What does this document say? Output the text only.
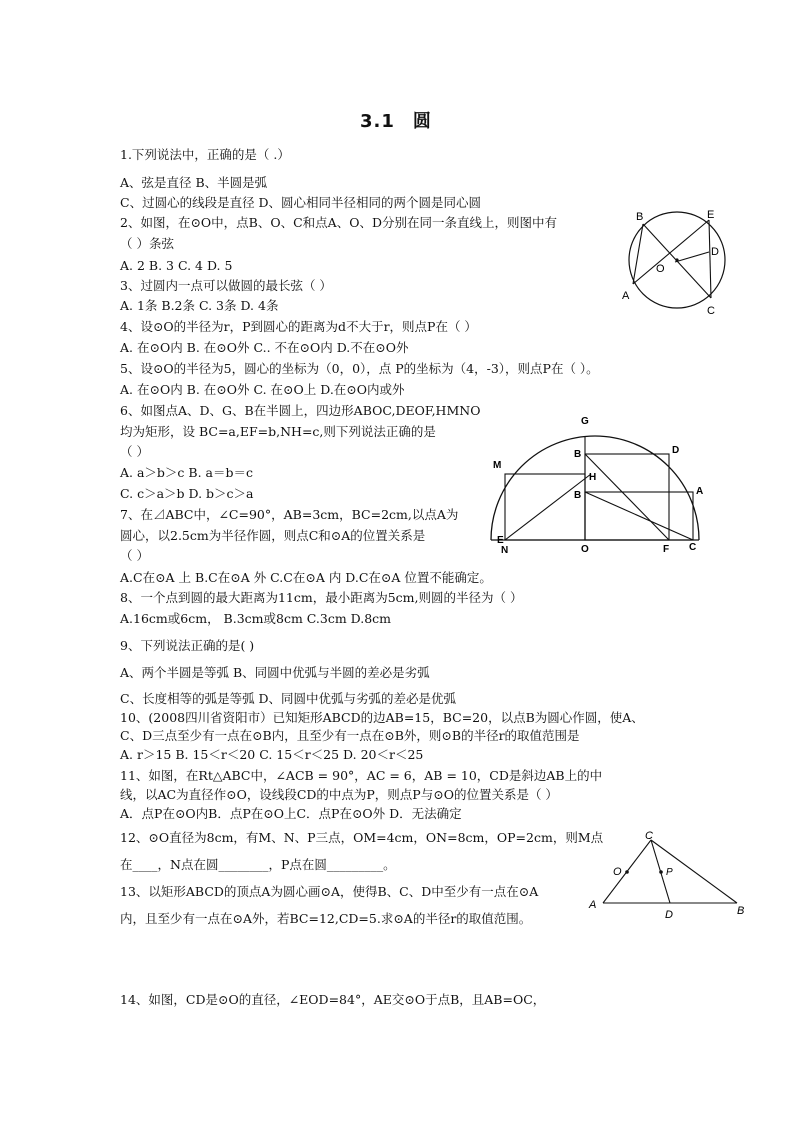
3.1 圆
1.下列说法中，正确的是（ .）
A、弦是直径 B、半圆是弧
C、过圆心的线段是直径 D、圆心相同半径相同的两个圆是同心圆
2、如图，在⊙O中，点B、O、C和点A、O、D分别在同一条直线上，则图中有
（ ）条弦
A. 2 B. 3 C. 4 D. 5
3、过圆内一点可以做圆的最长弦（ ）
A. 1条 B.2条 C. 3条 D. 4条
4、设⊙O的半径为r，P到圆心的距离为d不大于r，则点P在（ ）
A. 在⊙O内 B. 在⊙O外 C.. 不在⊙O内 D.不在⊙O外
5、设⊙O的半径为5，圆心的坐标为（0，0），点 P的坐标为（4，-3），则点P在（ ）。
A. 在⊙O内 B. 在⊙O外 C. 在⊙O上 D.在⊙O内或外
6、如图点A、D、G、B在半圆上，四边形ABOC,DEOF,HMNO
均为矩形，设 BC=a,EF=b,NH=c,则下列说法正确的是
（ ）
A. a＞b＞c B. a＝b＝c
C. c＞a＞b D. b＞c＞a
7、在⊿ABC中，∠C=90°，AB=3cm，BC=2cm,以点A为
圆心，以2.5cm为半径作圆，则点C和⊙A的位置关系是
（ ）
A.C在⊙A 上 B.C在⊙A 外 C.C在⊙A 内 D.C在⊙A 位置不能确定。
8、一个点到圆的最大距离为11cm，最小距离为5cm,则圆的半径为（ ）
A.16cm或6cm， B.3cm或8cm C.3cm D.8cm
9、下列说法正确的是( )
A、两个半圆是等弧 B、同圆中优弧与半圆的差必是劣弧
C、长度相等的弧是等弧 D、同圆中优弧与劣弧的差必是优弧
10、(2008四川省资阳市）已知矩形ABCD的边AB=15，BC=20，以点B为圆心作圆，使A、
C、D三点至少有一点在⊙B内，且至少有一点在⊙B外，则⊙B的半径r的取值范围是
A. r＞15 B. 15＜r＜20 C. 15＜r＜25 D. 20＜r＜25
11、如图，在Rt△ABC中，∠ACB = 90°，AC = 6，AB = 10，CD是斜边AB上的中
线，以AC为直径作⊙O，设线段CD的中点为P，则点P与⊙O的位置关系是（ ）
A．点P在⊙O内B．点P在⊙O上C．点P在⊙O外 D．无法确定
12、⊙O直径为8cm，有M、N、P三点，OM=4cm，ON=8cm，OP=2cm，则M点
在____，N点在圆________，P点在圆_________。
13、以矩形ABCD的顶点A为圆心画⊙A，使得B、C、D中至少有一点在⊙A
内，且至少有一点在⊙A外，若BC=12,CD=5.求⊙A的半径r的取值范围。
14、如图，CD是⊙O的直径，∠EOD=84°，AE交⊙O于点B，且AB=OC，
B	E
D
O
A
C
G
D
B
H
M
B	A
N	O	F C
E
C
O	P
A
D	B
